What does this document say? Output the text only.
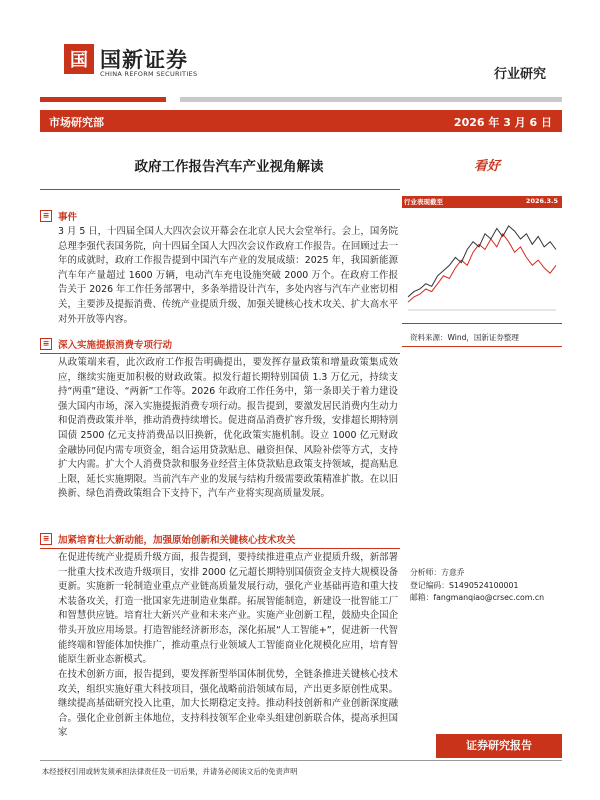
国 国新证券
CHINA REFORM SECURITIES	行业研究
市场研究部	2026 年 3 月 6 日
政府工作报告汽车产业视角解读	看好
≡ 事件
3 月 5 日，十四届全国人大四次会议开幕会在北京人民大会堂举行。会上，国务院总理李强代表国务院，向十四届全国人大四次会议作政府工作报告。在回顾过去一年的成就时，政府工作报告提到中国汽车产业的发展成绩：2025 年，我国新能源汽车年产量超过 1600 万辆，电动汽车充电设施突破 2000 万个。在政府工作报告关于 2026 年工作任务部署中，多条举措设计汽车，多处内容与汽车产业密切相关，主要涉及提振消费、传统产业提质升级、加强关键核心技术攻关、扩大高水平对外开放等内容。
≡ 深入实施提振消费专项行动
从政策端来看，此次政府工作报告明确提出，要发挥存量政策和增量政策集成效应，继续实施更加积极的财政政策。拟发行超长期特别国债 1.3 万亿元，持续支持“两重”建设、“两新”工作等。2026 年政府工作任务中，第一条即关于着力建设强大国内市场，深入实施提振消费专项行动。报告提到，要激发居民消费内生动力和促消费政策并举，推动消费持续增长。促进商品消费扩容升级，安排超长期特别国债 2500 亿元支持消费品以旧换新，优化政策实施机制。设立 1000 亿元财政金融协同促内需专项资金，组合运用贷款贴息、融资担保、风险补偿等方式，支持扩大内需。扩大个人消费贷款和服务业经营主体贷款贴息政策支持领域，提高贴息上限，延长实施期限。当前汽车产业的发展与结构升级需要政策精准扩散。在以旧换新、绿色消费政策组合下支持下，汽车产业将实现高质量发展。
≡ 加紧培育壮大新动能，加强原始创新和关键核心技术攻关
在促进传统产业提质升级方面，报告提到，要持续推进重点产业提质升级，新部署一批重大技术改造升级项目，安排 2000 亿元超长期特别国债资金支持大规模设备更新。实施新一轮制造业重点产业链高质量发展行动，强化产业基础再造和重大技术装备攻关，打造一批国家先进制造业集群。拓展智能制造，新建设一批智能工厂和智慧供应链。培育壮大新兴产业和未来产业。实施产业创新工程，鼓励央企国企带头开放应用场景。打造智能经济新形态，深化拓展“人工智能+”，促进新一代智能终端和智能体加快推广，推动重点行业领域人工智能商业化规模化应用，培育智能原生新业态新模式。
在技术创新方面，报告提到，要发挥新型举国体制优势，全链条推进关键核心技术攻关，组织实施好重大科技项目，强化战略前沿领域布局，产出更多原创性成果。继续提高基础研究投入比重，加大长期稳定支持。推动科技创新和产业创新深度融合。强化企业创新主体地位，支持科技领军企业牵头组建创新联合体，提高承担国家
行业表现截至	2026.3.5
资料来源：Wind，国新证券整理
分析师：方意乔
登记编码：S1490524100001
邮箱：fangmanqiao@crsec.com.cn
证券研究报告
本经授权引用或转发须承担法律责任及一切后果，并请务必阅读文后的免责声明
